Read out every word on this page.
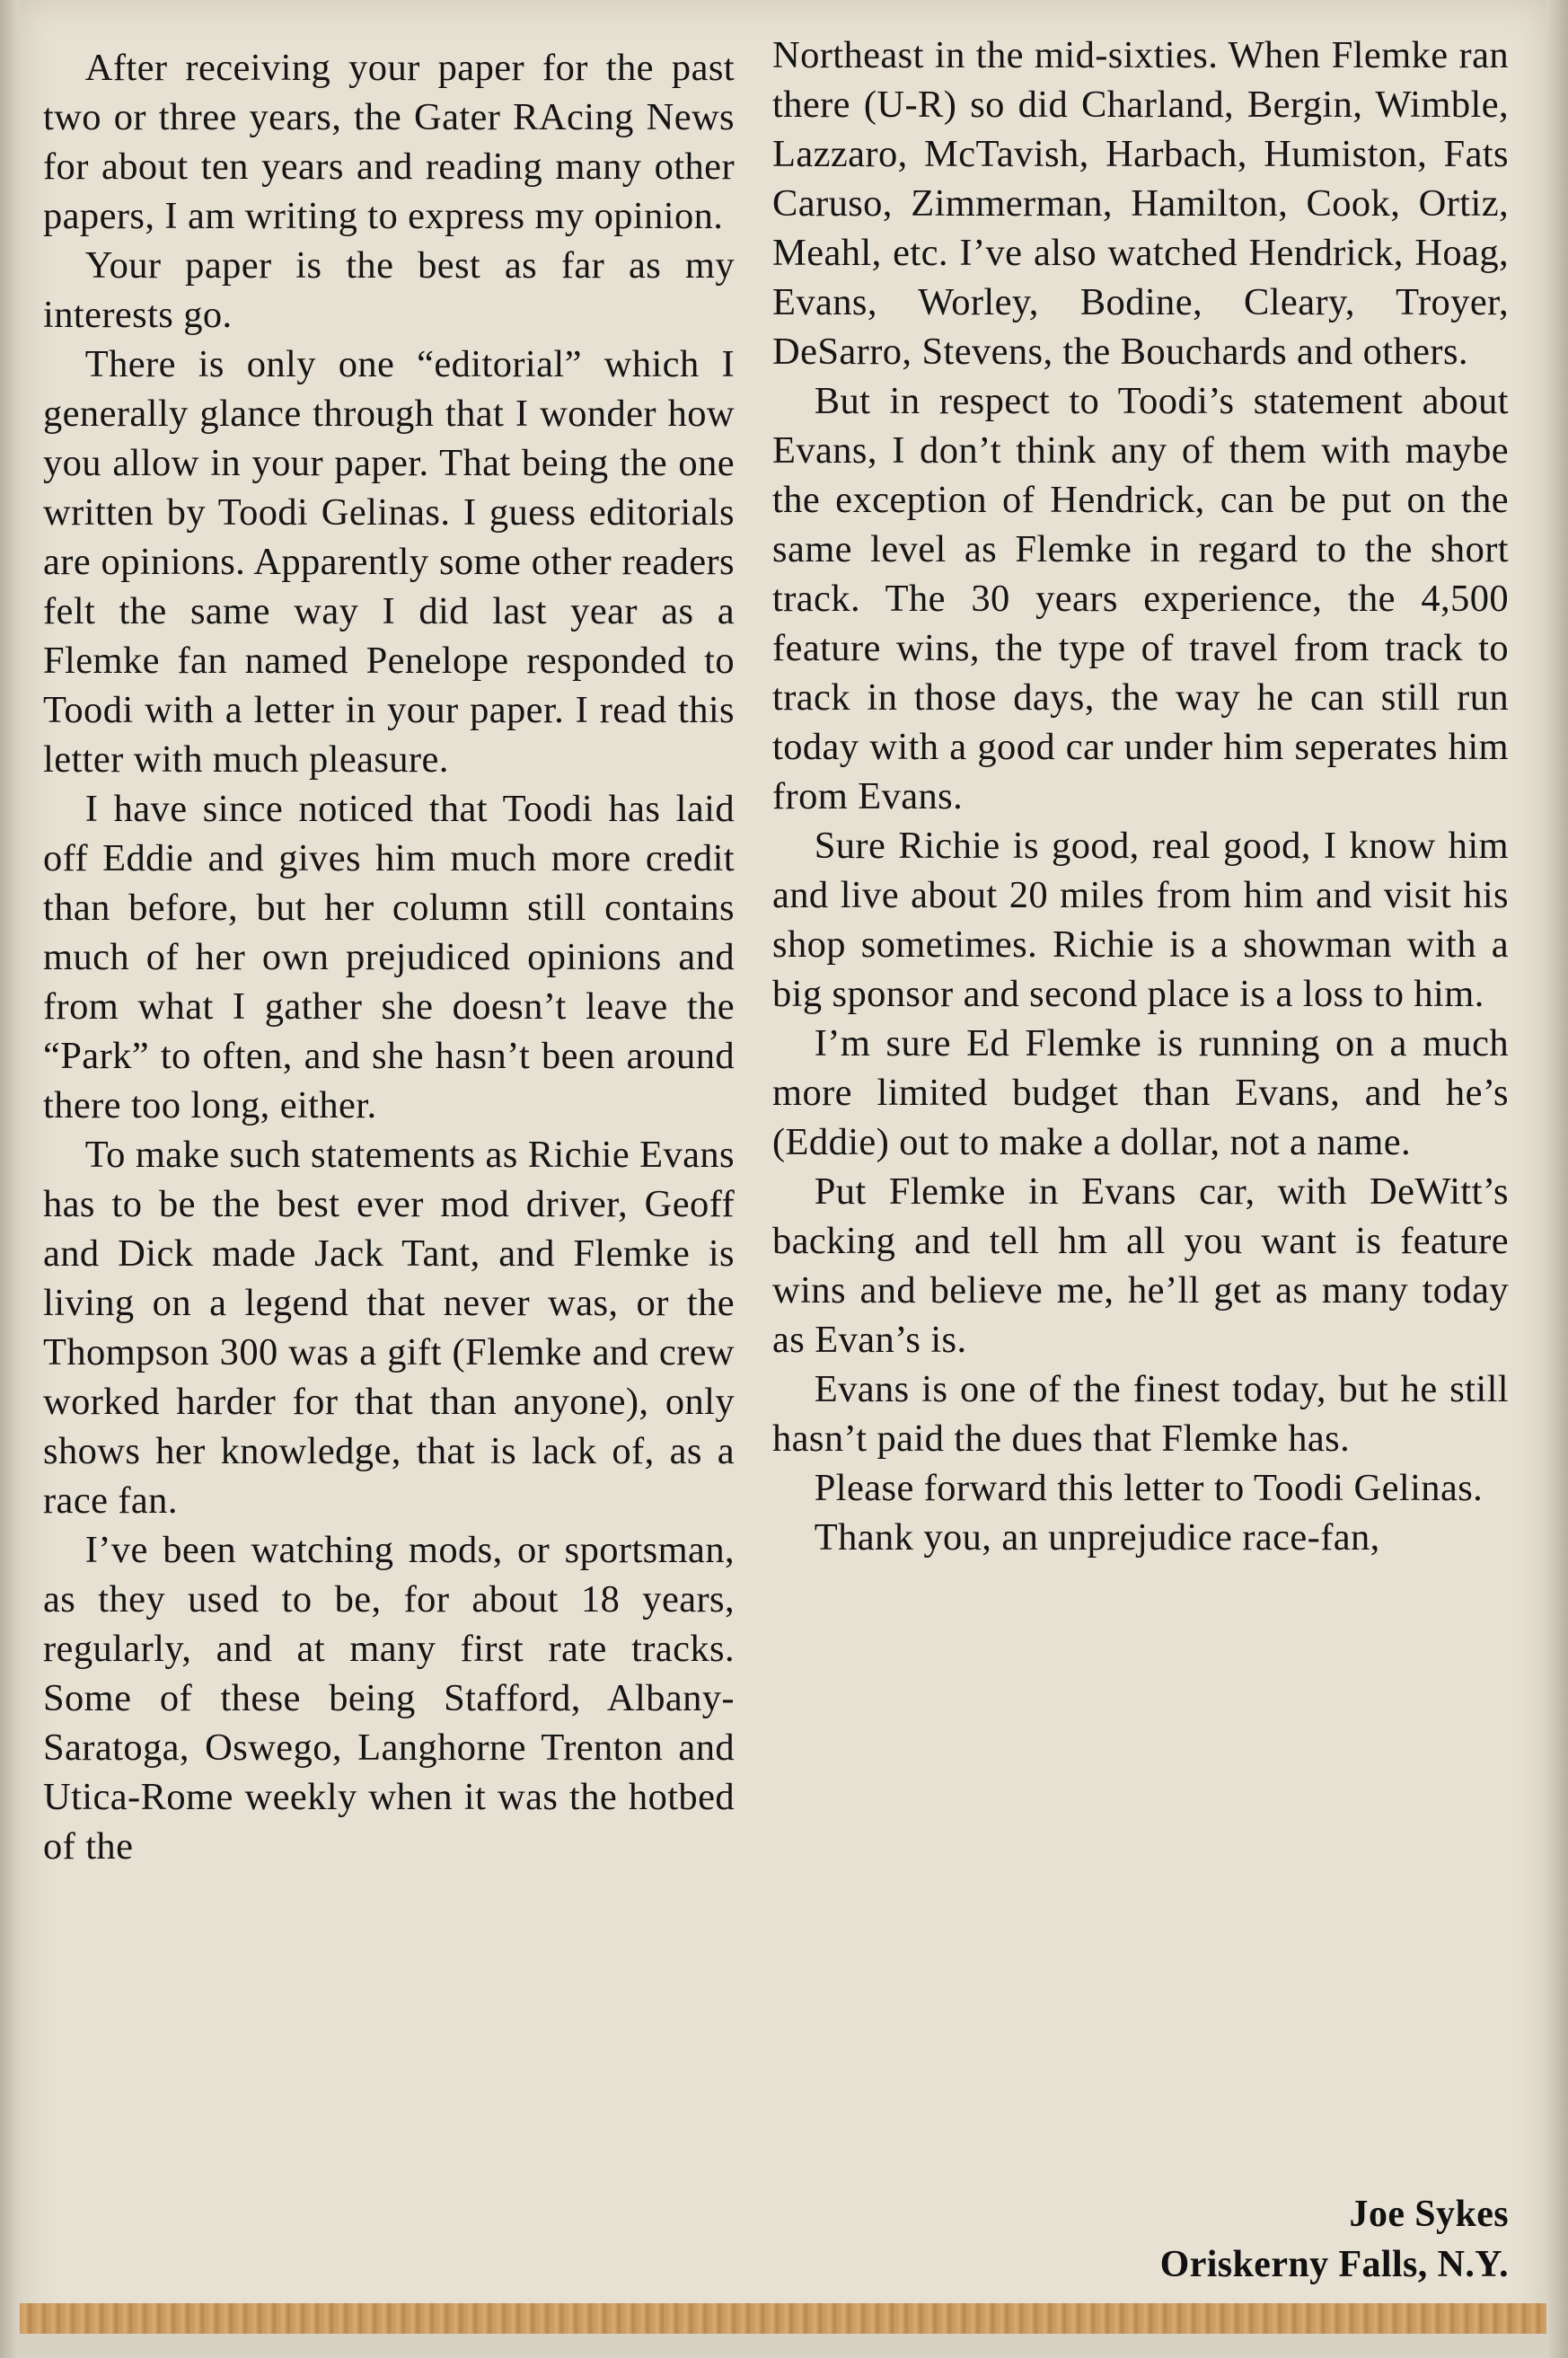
After receiving your paper for the past two or three years, the Gater RAcing News for about ten years and reading many other papers, I am writing to express my opinion.

Your paper is the best as far as my interests go.

There is only one “editorial” which I generally glance through that I wonder how you allow in your paper. That being the one written by Toodi Gelinas. I guess editorials are opinions. Apparently some other readers felt the same way I did last year as a Flemke fan named Penelope responded to Toodi with a letter in your paper. I read this letter with much pleasure.

I have since noticed that Toodi has laid off Eddie and gives him much more credit than before, but her column still contains much of her own prejudiced opinions and from what I gather she doesn’t leave the “Park” to often, and she hasn’t been around there too long, either.

To make such statements as Richie Evans has to be the best ever mod driver, Geoff and Dick made Jack Tant, and Flemke is living on a legend that never was, or the Thompson 300 was a gift (Flemke and crew worked harder for that than anyone), only shows her knowledge, that is lack of, as a race fan.

I’ve been watching mods, or sportsman, as they used to be, for about 18 years, regularly, and at many first rate tracks. Some of these being Stafford, Albany-Saratoga, Oswego, Langhorne Trenton and Utica-Rome weekly when it was the hotbed of the

Northeast in the mid-sixties. When Flemke ran there (U-R) so did Charland, Bergin, Wimble, Lazzaro, McTavish, Harbach, Humiston, Fats Caruso, Zimmerman, Hamilton, Cook, Ortiz, Meahl, etc. I’ve also watched Hendrick, Hoag, Evans, Worley, Bodine, Cleary, Troyer, DeSarro, Stevens, the Bouchards and others.

But in respect to Toodi’s statement about Evans, I don’t think any of them with maybe the exception of Hendrick, can be put on the same level as Flemke in regard to the short track. The 30 years experience, the 4,500 feature wins, the type of travel from track to track in those days, the way he can still run today with a good car under him seperates him from Evans.

Sure Richie is good, real good, I know him and live about 20 miles from him and visit his shop sometimes. Richie is a showman with a big sponsor and second place is a loss to him.

I’m sure Ed Flemke is running on a much more limited budget than Evans, and he’s (Eddie) out to make a dollar, not a name.

Put Flemke in Evans car, with DeWitt’s backing and tell hm all you want is feature wins and believe me, he’ll get as many today as Evan’s is.

Evans is one of the finest today, but he still hasn’t paid the dues that Flemke has.

Please forward this letter to Toodi Gelinas.

Thank you, an unprejudice race-fan,

Joe Sykes
Oriskerny Falls, N.Y.
